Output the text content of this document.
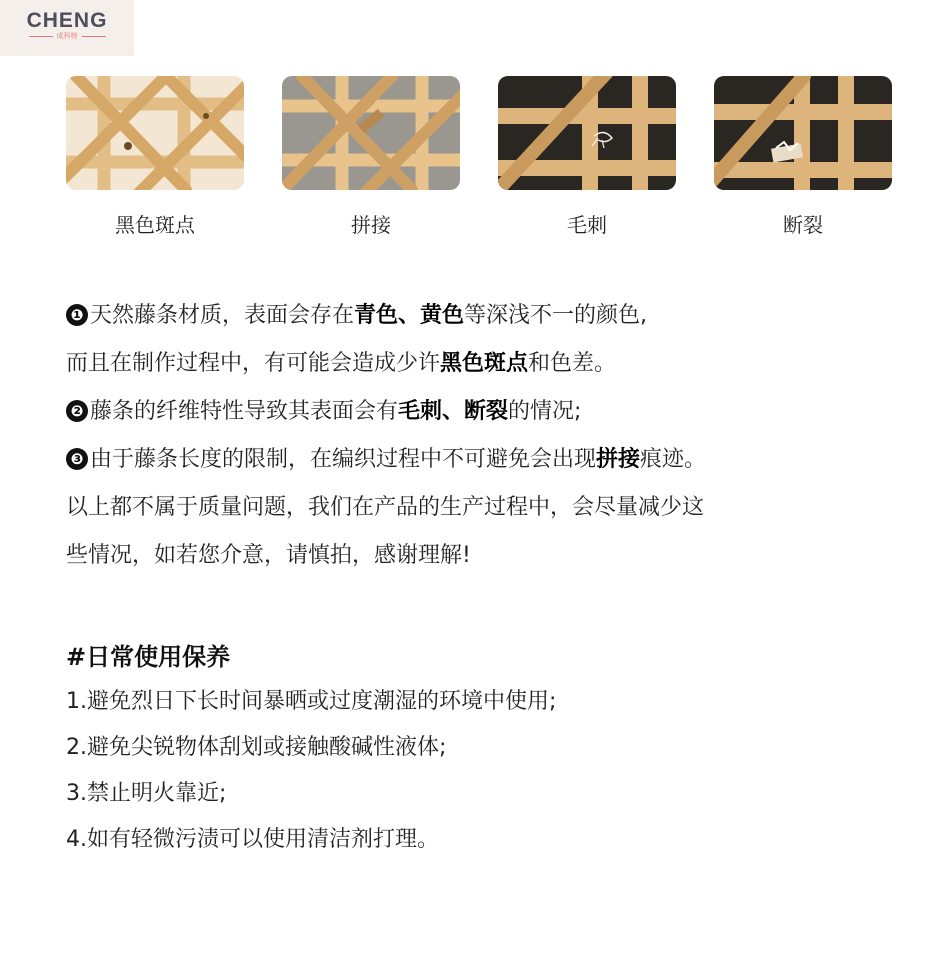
CHENG
成科榜
黑色斑点	拼接	毛刺	断裂
❶ 天然藤条材质，表面会存在青色、黄色等深浅不一的颜色,
而且在制作过程中，有可能会造成少许黑色斑点和色差。
❷ 藤条的纤维特性导致其表面会有毛刺、断裂的情况;
❸ 由于藤条长度的限制，在编织过程中不可避免会出现拼接痕迹。
以上都不属于质量问题，我们在产品的生产过程中，会尽量减少这
些情况，如若您介意，请慎拍，感谢理解!
#日常使用保养
1.避免烈日下长时间暴晒或过度潮湿的环境中使用;
2.避免尖锐物体刮划或接触酸碱性液体;
3.禁止明火靠近;
4.如有轻微污渍可以使用清洁剂打理。
